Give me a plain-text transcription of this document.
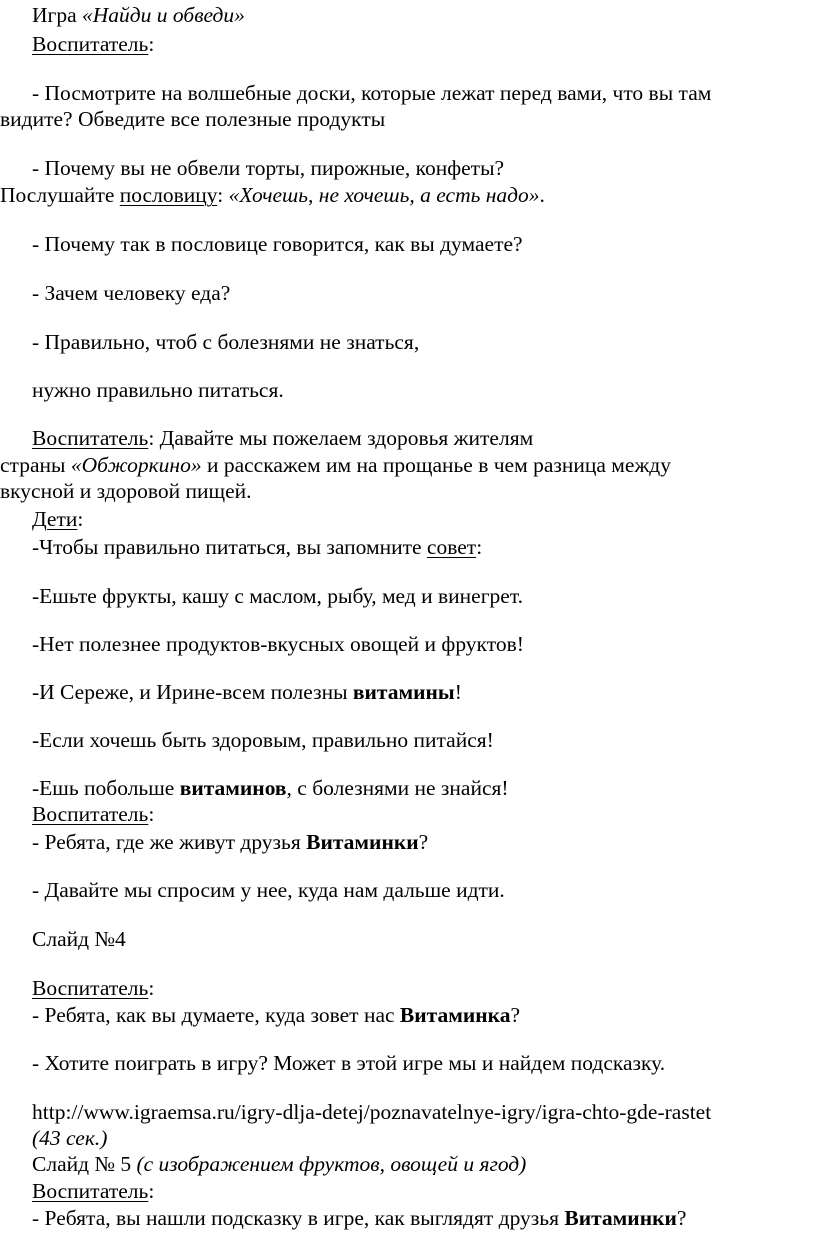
Игра «Найди и обведи»
Воспитатель:
- Посмотрите на волшебные доски, которые лежат перед вами, что вы там
видите? Обведите все полезные продукты
- Почему вы не обвели торты, пирожные, конфеты?
Послушайте пословицу: «Хочешь, не хочешь, а есть надо».
- Почему так в пословице говорится, как вы думаете?
- Зачем человеку еда?
- Правильно, чтоб с болезнями не знаться,
нужно правильно питаться.
Воспитатель: Давайте мы пожелаем здоровья жителям
страны «Обжоркино» и расскажем им на прощанье в чем разница между
вкусной и здоровой пищей.
Дети:
-Чтобы правильно питаться, вы запомните совет:
-Ешьте фрукты, кашу с маслом, рыбу, мед и винегрет.
-Нет полезнее продуктов-вкусных овощей и фруктов!
-И Сереже, и Ирине-всем полезны витамины!
-Если хочешь быть здоровым, правильно питайся!
-Ешь побольше витаминов, с болезнями не знайся!
Воспитатель:
- Ребята, где же живут друзья Витаминки?
- Давайте мы спросим у нее, куда нам дальше идти.
Слайд №4
Воспитатель:
- Ребята, как вы думаете, куда зовет нас Витаминка?
- Хотите поиграть в игру? Может в этой игре мы и найдем подсказку.
http://www.igraemsa.ru/igry-dlja-detej/poznavatelnye-igry/igra-chto-gde-rastet
(43 сек.)
Слайд № 5 (с изображением фруктов, овощей и ягод)
Воспитатель:
- Ребята, вы нашли подсказку в игре, как выглядят друзья Витаминки?
